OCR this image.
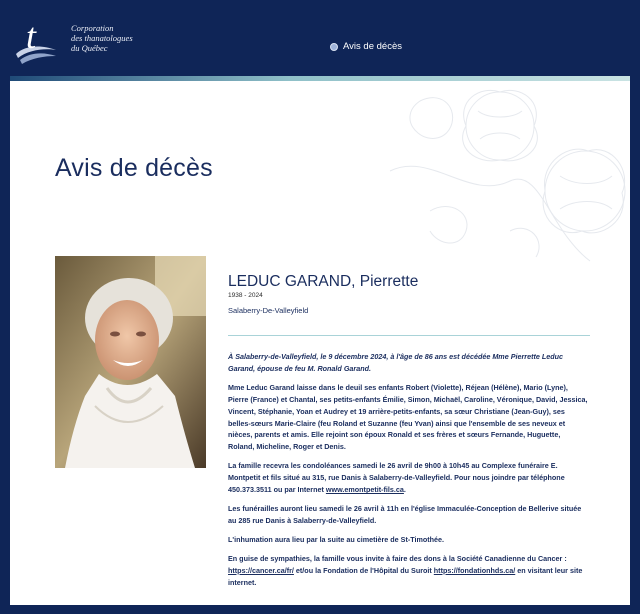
t	Corporation
des thanatologues
du Québec	Avis de décès
Avis de décès
LEDUC GARAND, Pierrette
1938 - 2024
Salaberry-De-Valleyfield

À Salaberry-de-Valleyfield, le 9 décembre 2024, à l'âge de 86 ans est décédée Mme Pierrette Leduc Garand, épouse de feu M. Ronald Garand.

Mme Leduc Garand laisse dans le deuil ses enfants Robert (Violette), Réjean (Hélène), Mario (Lyne), Pierre (France) et Chantal, ses petits-enfants Émilie, Simon, Michaël, Caroline, Véronique, David, Jessica, Vincent, Stéphanie, Yoan et Audrey et 19 arrière-petits-enfants, sa sœur Christiane (Jean-Guy), ses belles-sœurs Marie-Claire (feu Roland et Suzanne (feu Yvan) ainsi que l'ensemble de ses neveux et nièces, parents et amis. Elle rejoint son époux Ronald et ses frères et sœurs Fernande, Huguette, Roland, Micheline, Roger et Denis.

La famille recevra les condoléances samedi le 26 avril de 9h00 à 10h45 au Complexe funéraire E. Montpetit et fils situé au 315, rue Danis à Salaberry-de-Valleyfield. Pour nous joindre par téléphone 450.373.3511 ou par Internet www.emontpetit-fils.ca.

Les funérailles auront lieu samedi le 26 avril à 11h en l'église Immaculée-Conception de Bellerive située au 285 rue Danis à Salaberry-de-Valleyfield.

L'inhumation aura lieu par la suite au cimetière de St-Timothée.

En guise de sympathies, la famille vous invite à faire des dons à la Société Canadienne du Cancer : https://cancer.ca/fr/ et/ou la Fondation de l'Hôpital du Suroit https://fondationhds.ca/ en visitant leur site internet.
